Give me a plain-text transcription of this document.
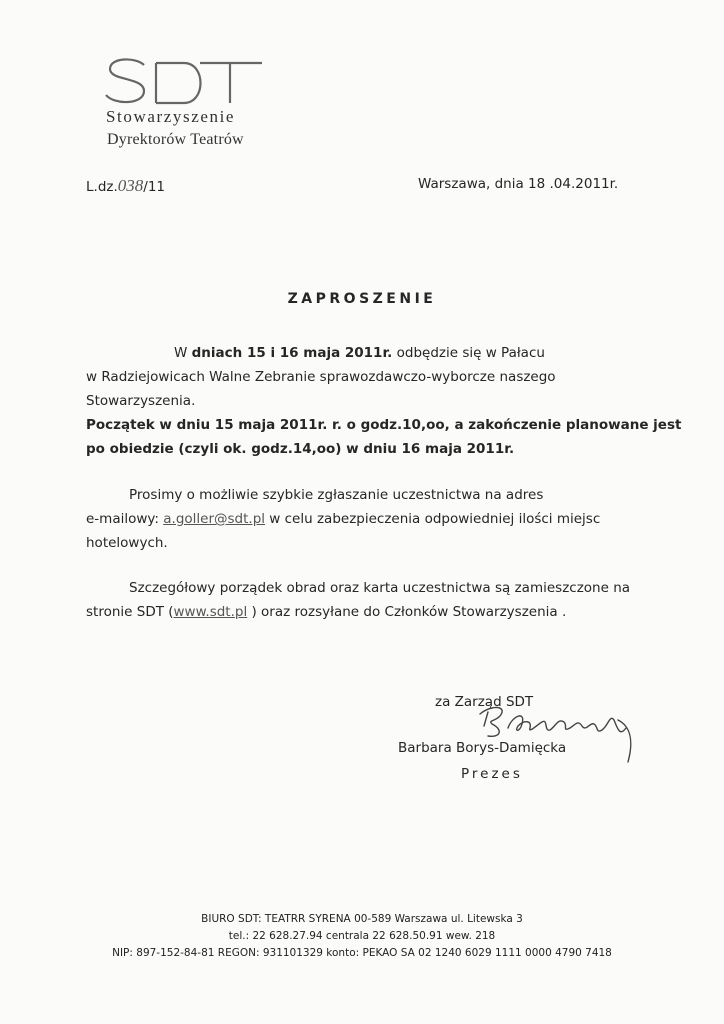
Stowarzyszenie
Dyrektorów Teatrów
L.dz.038/11	Warszawa, dnia 18 .04.2011r.
ZAPROSZENIE
W dniach 15 i 16 maja 2011r. odbędzie się w Pałacu
w Radziejowicach Walne Zebranie sprawozdawczo-wyborcze naszego
Stowarzyszenia.
Początek w dniu 15 maja 2011r. r. o godz.10,oo, a zakończenie planowane jest
po obiedzie (czyli ok. godz.14,oo) w dniu 16 maja 2011r.
Prosimy o możliwie szybkie zgłaszanie uczestnictwa na adres
e-mailowy: a.goller@sdt.pl w celu zabezpieczenia odpowiedniej ilości miejsc
hotelowych.
Szczegółowy porządek obrad oraz karta uczestnictwa są zamieszczone na
stronie SDT (www.sdt.pl ) oraz rozsyłane do Członków Stowarzyszenia .
za Zarząd SDT
Barbara Borys-Damięcka
Prezes
BIURO SDT: TEATRR SYRENA 00-589 Warszawa ul. Litewska 3
tel.: 22 628.27.94 centrala 22 628.50.91 wew. 218
NIP: 897-152-84-81 REGON: 931101329 konto: PEKAO SA 02 1240 6029 1111 0000 4790 7418
